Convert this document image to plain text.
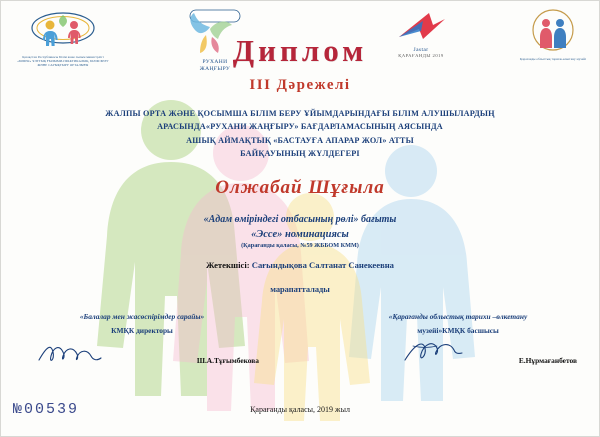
Қазақстан Республикасы Білім және ғылым министрлігі «БӨБЕК» ҰЛТТЫҚ ҒЫЛЫМИ-ПРАКТИКАЛЫҚ, БІЛІМ БЕРУ ЖӘНЕ САУЫҚТЫРУ ОРТАЛЫҒЫ	РУХАНИ
ЖАҢҒЫРУ
Jastar
ҚАРАҒАНДЫ 2019
Қарағанды облыстық тарихи-өлкетану музейі
Диплом
III Дәрежелі
ЖАЛПЫ ОРТА ЖӘНЕ ҚОСЫМША БІЛІМ БЕРУ ҰЙЫМДАРЫНДАҒЫ БІЛІМ АЛУШЫЛАРДЫҢ
АРАСЫНДА«РУХАНИ ЖАҢҒЫРУ» БАҒДАРЛАМАСЫНЫҢ АЯСЫНДА
АШЫҚ АЙМАҚТЫҚ «БАСТАУҒА АПАРАР ЖОЛ» АТТЫ
БАЙҚАУЫНЫҢ ЖҮЛДЕГЕРІ
Олжабай Шұғыла
«Адам өміріндегі отбасының рөлі» бағыты
«Эссе» номинациясы
(Қарағанды қаласы, №59 ЖББОМ КММ)
Жетекшісі: Сағындықова Салтанат Санекеевна
марапатталады
«Балалар мен жасөспірімдер сарайы»
КМҚК директоры
Ш.А.Тұғымбекова
«Қарағанды облыстық тарихи –өлкетану
музейі»КМҚК басшысы
Е.Нұрмағанбетов
№00539	Қарағанды қаласы, 2019 жыл
